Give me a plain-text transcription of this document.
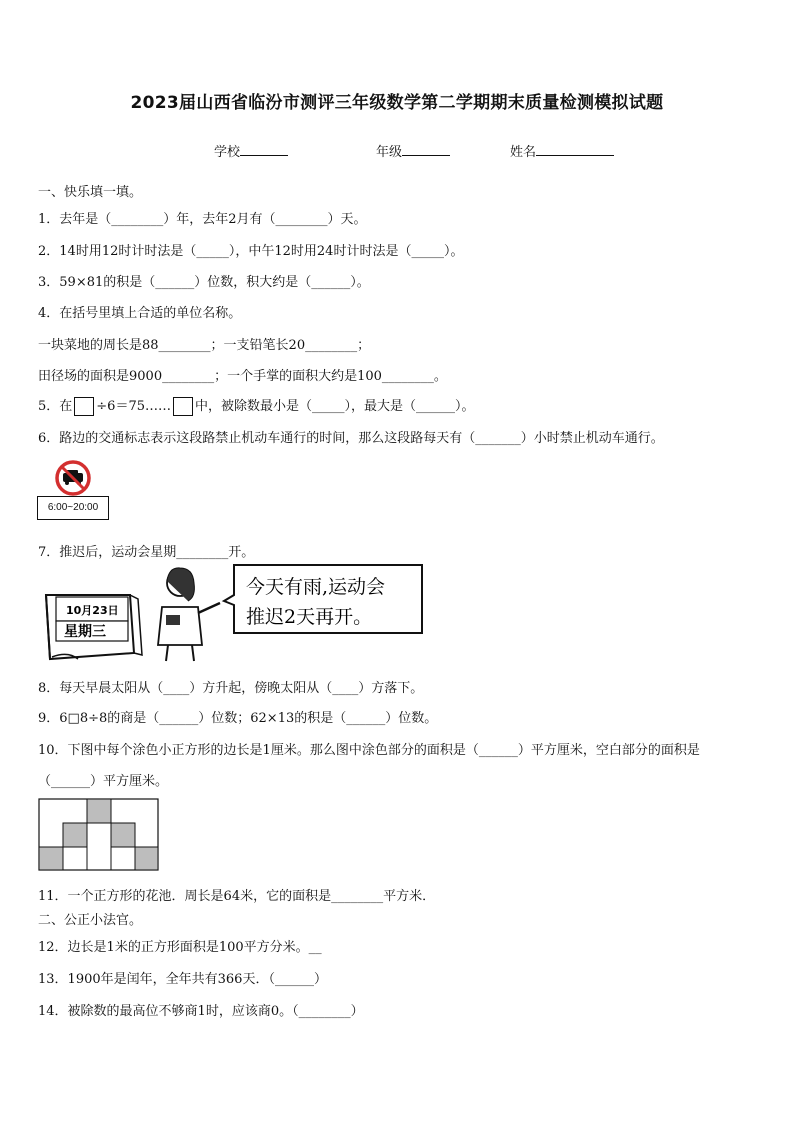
2023届山西省临汾市测评三年级数学第二学期期末质量检测模拟试题
学校	年级	姓名
一、快乐填一填。
1．去年是（________）年，去年2月有（________）天。
2．14时用12时计时法是（_____），中午12时用24时计时法是（_____）。
3．59×81的积是（______）位数，积大约是（______）。
4．在括号里填上合适的单位名称。
一块菜地的周长是88________；一支铅笔长20________；
田径场的面积是9000________；一个手掌的面积大约是100________。
5．在 ÷6＝75…… 中，被除数最小是（_____），最大是（______）。
6．路边的交通标志表示这段路禁止机动车通行的时间，那么这段路每天有（_______）小时禁止机动车通行。
6:00~20:00
7．推迟后，运动会星期________开。
10月23日
星期三
今天有雨,运动会
推迟2天再开。
8．每天早晨太阳从（____）方升起，傍晚太阳从（____）方落下。
9．6□8÷8的商是（______）位数；62×13的积是（______）位数。
10．下图中每个涂色小正方形的边长是1厘米。那么图中涂色部分的面积是（______）平方厘米，空白部分的面积是
（______）平方厘米。
11．一个正方形的花池．周长是64米，它的面积是________平方米．
二、公正小法官。
12．边长是1米的正方形面积是100平方分米。__
13．1900年是闰年，全年共有366天．（______）
14．被除数的最高位不够商1时，应该商0。（________）
